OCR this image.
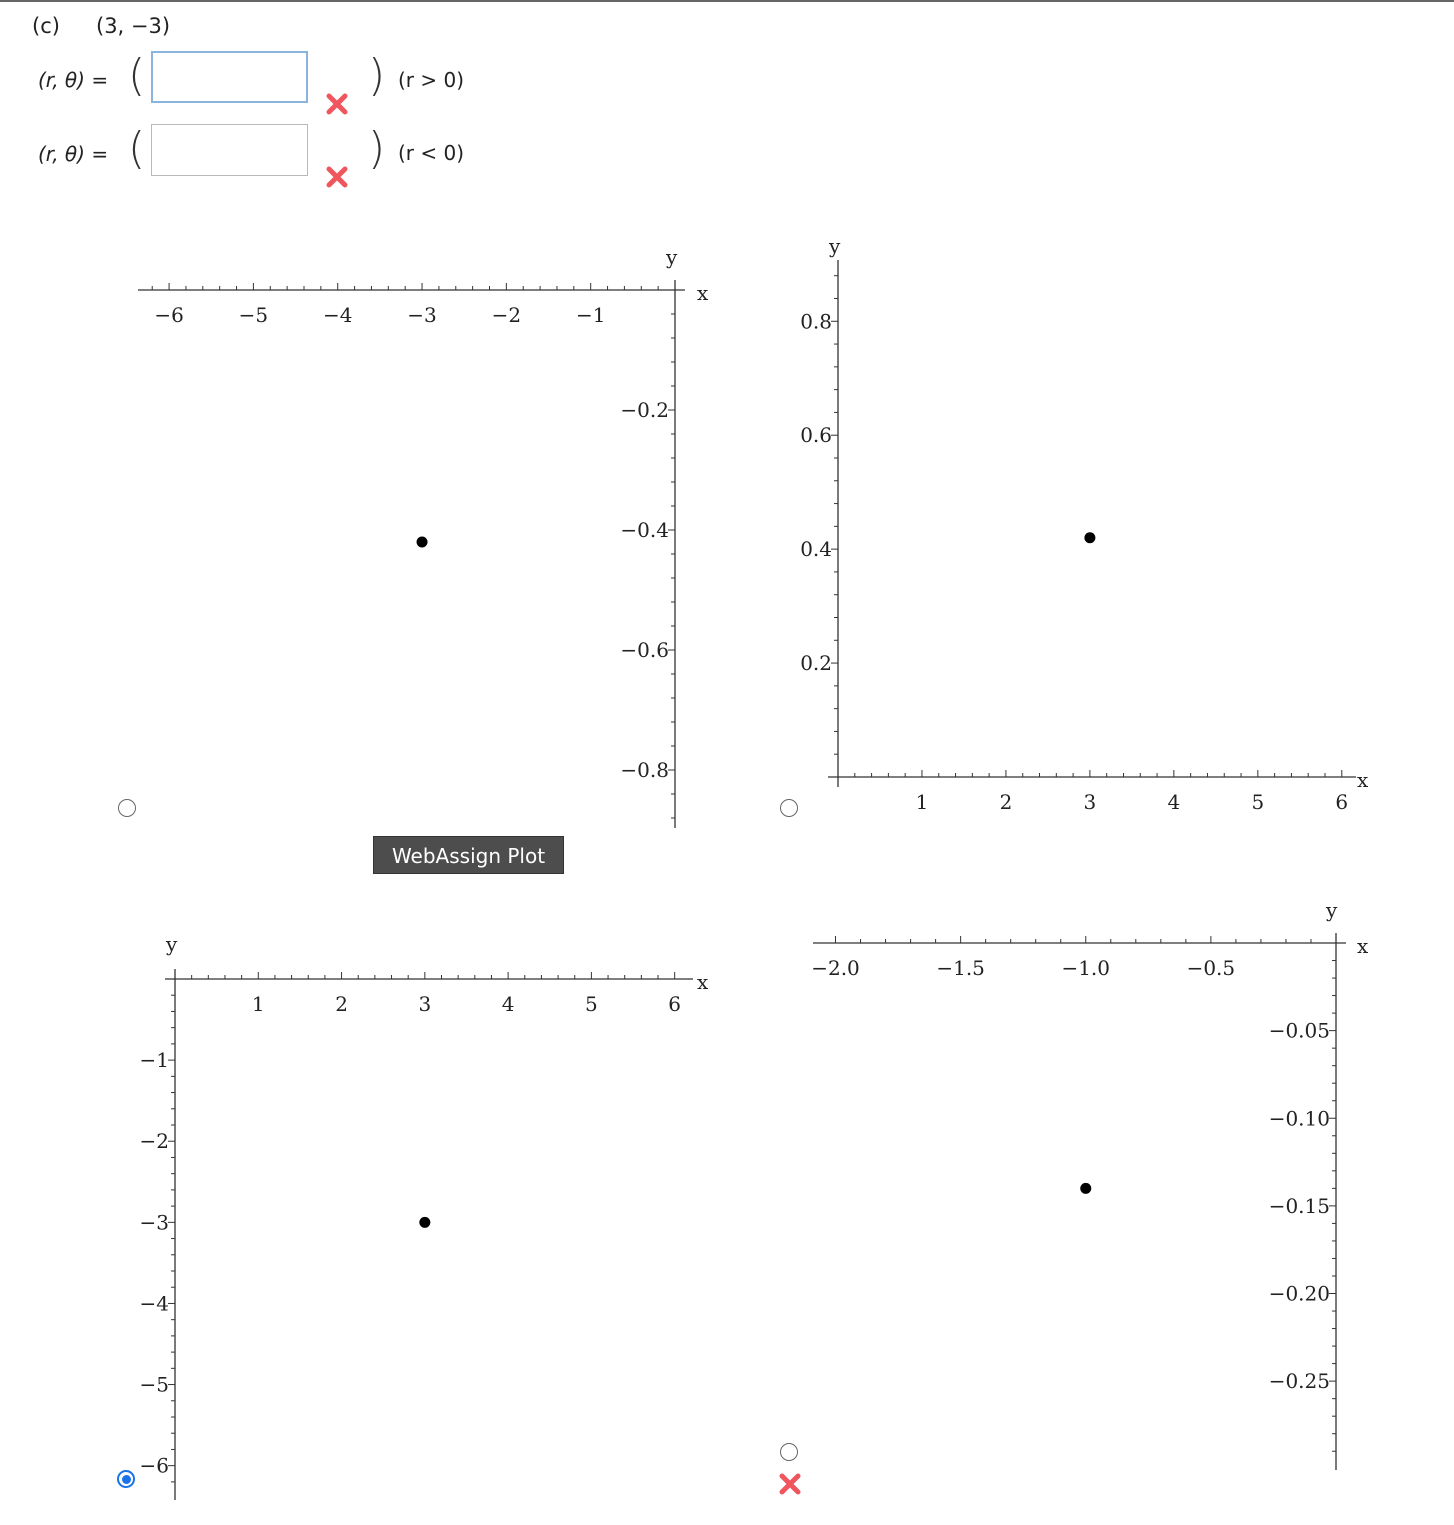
(c) (3, −3)
(r, θ) = (	) (r > 0)
(r, θ) = (	) (r < 0)
−6	−5	−4	−3	−2	−1
−0.2
−0.4
−0.6
−0.8
x
y
1	2	3	4	5	6
0.2
0.4
0.6
0.8
x
y
1	2	3	4	5	6
−1
−2
−3
−4
−5
−6
x
y
−2.0	−1.5	−1.0	−0.5
−0.05
−0.10
−0.15
−0.20
−0.25
x
y
WebAssign Plot
